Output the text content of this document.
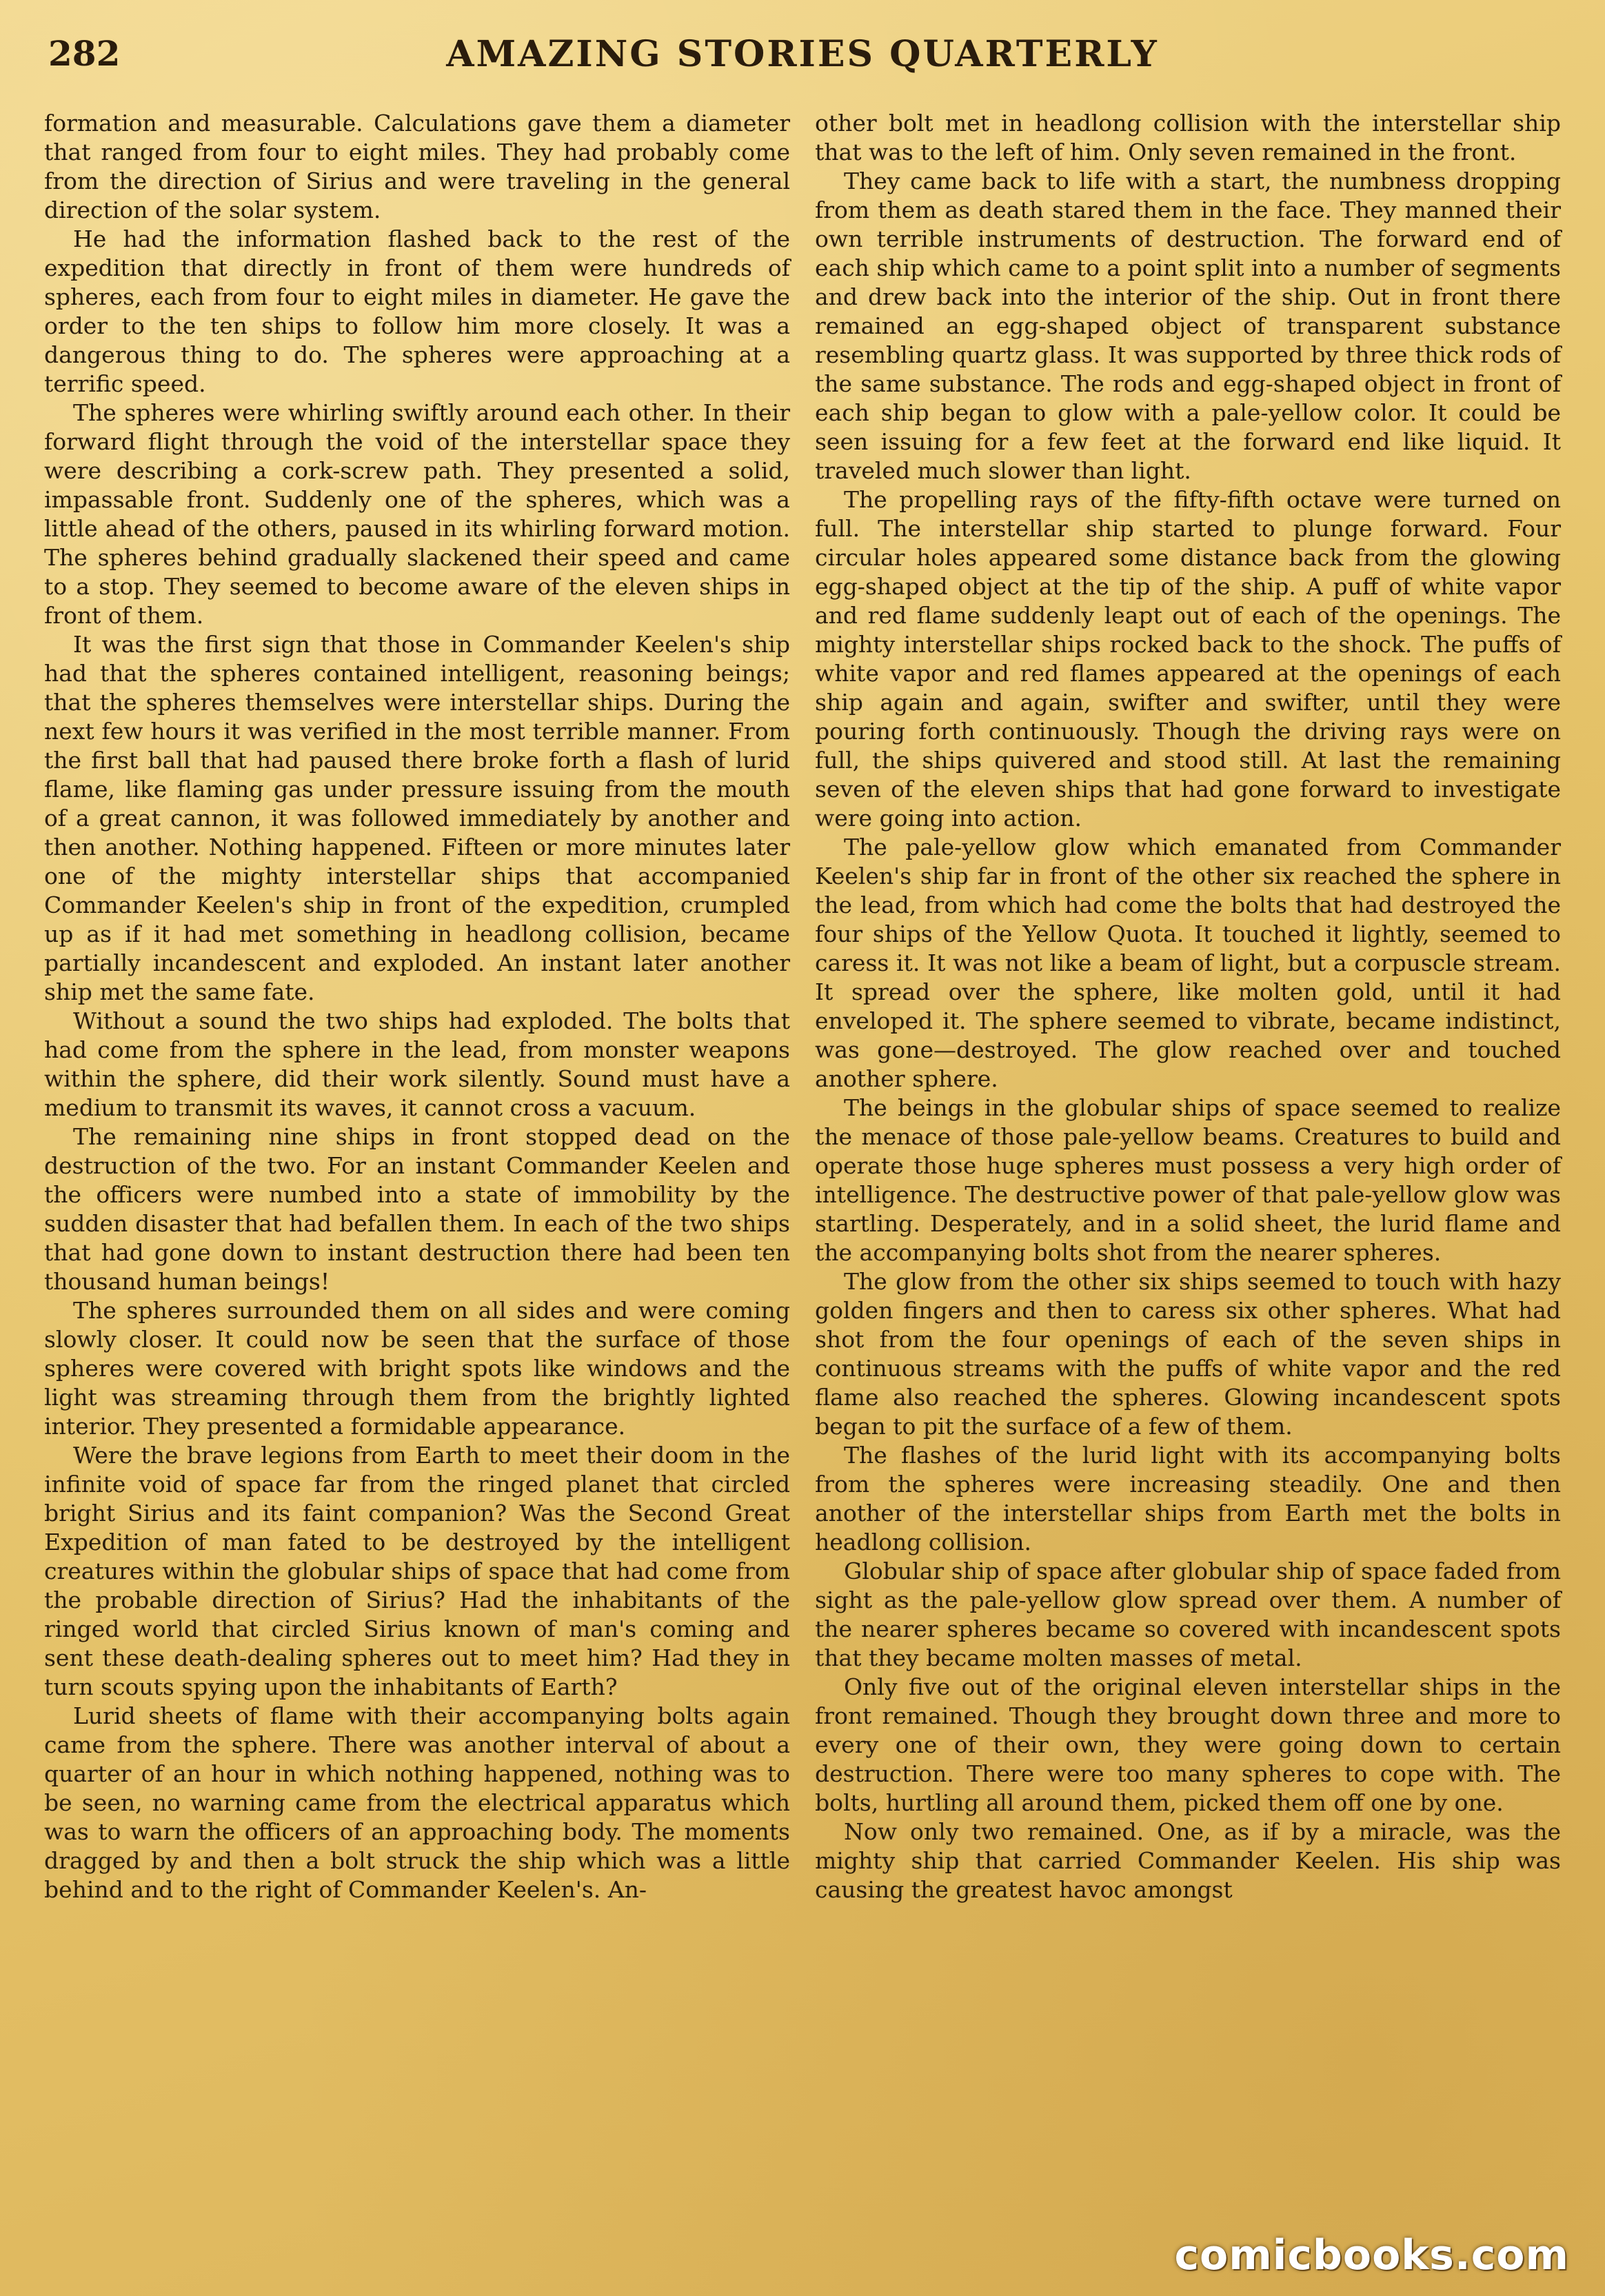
282	AMAZING STORIES QUARTERLY

formation and measurable. Calculations gave them a diameter that ranged from four to eight miles. They had probably come from the direction of Sirius and were traveling in the general direction of the solar system.

He had the information flashed back to the rest of the expedition that directly in front of them were hundreds of spheres, each from four to eight miles in diameter. He gave the order to the ten ships to follow him more closely. It was a dangerous thing to do. The spheres were approaching at a terrific speed.

The spheres were whirling swiftly around each other. In their forward flight through the void of the interstellar space they were describing a cork-screw path. They presented a solid, impassable front. Suddenly one of the spheres, which was a little ahead of the others, paused in its whirling forward motion. The spheres behind gradually slackened their speed and came to a stop. They seemed to become aware of the eleven ships in front of them.

It was the first sign that those in Commander Keelen's ship had that the spheres contained intelligent, reasoning beings; that the spheres themselves were interstellar ships. During the next few hours it was verified in the most terrible manner. From the first ball that had paused there broke forth a flash of lurid flame, like flaming gas under pressure issuing from the mouth of a great cannon, it was followed immediately by another and then another. Nothing happened. Fifteen or more minutes later one of the mighty interstellar ships that accompanied Commander Keelen's ship in front of the expedition, crumpled up as if it had met something in headlong collision, became partially incandescent and exploded. An instant later another ship met the same fate.

Without a sound the two ships had exploded. The bolts that had come from the sphere in the lead, from monster weapons within the sphere, did their work silently. Sound must have a medium to transmit its waves, it cannot cross a vacuum.

The remaining nine ships in front stopped dead on the destruction of the two. For an instant Commander Keelen and the officers were numbed into a state of immobility by the sudden disaster that had befallen them. In each of the two ships that had gone down to instant destruction there had been ten thousand human beings!

The spheres surrounded them on all sides and were coming slowly closer. It could now be seen that the surface of those spheres were covered with bright spots like windows and the light was streaming through them from the brightly lighted interior. They presented a formidable appearance.

Were the brave legions from Earth to meet their doom in the infinite void of space far from the ringed planet that circled bright Sirius and its faint companion? Was the Second Great Expedition of man fated to be destroyed by the intelligent creatures within the globular ships of space that had come from the probable direction of Sirius? Had the inhabitants of the ringed world that circled Sirius known of man's coming and sent these death-dealing spheres out to meet him? Had they in turn scouts spying upon the inhabitants of Earth?

Lurid sheets of flame with their accompanying bolts again came from the sphere. There was another interval of about a quarter of an hour in which nothing happened, nothing was to be seen, no warning came from the electrical apparatus which was to warn the officers of an approaching body. The moments dragged by and then a bolt struck the ship which was a little behind and to the right of Commander Keelen's. An-

other bolt met in headlong collision with the interstellar ship that was to the left of him. Only seven remained in the front.

They came back to life with a start, the numbness dropping from them as death stared them in the face. They manned their own terrible instruments of destruction. The forward end of each ship which came to a point split into a number of segments and drew back into the interior of the ship. Out in front there remained an egg-shaped object of transparent substance resembling quartz glass. It was supported by three thick rods of the same substance. The rods and egg-shaped object in front of each ship began to glow with a pale-yellow color. It could be seen issuing for a few feet at the forward end like liquid. It traveled much slower than light.

The propelling rays of the fifty-fifth octave were turned on full. The interstellar ship started to plunge forward. Four circular holes appeared some distance back from the glowing egg-shaped object at the tip of the ship. A puff of white vapor and red flame suddenly leapt out of each of the openings. The mighty interstellar ships rocked back to the shock. The puffs of white vapor and red flames appeared at the openings of each ship again and again, swifter and swifter, until they were pouring forth continuously. Though the driving rays were on full, the ships quivered and stood still. At last the remaining seven of the eleven ships that had gone forward to investigate were going into action.

The pale-yellow glow which emanated from Commander Keelen's ship far in front of the other six reached the sphere in the lead, from which had come the bolts that had destroyed the four ships of the Yellow Quota. It touched it lightly, seemed to caress it. It was not like a beam of light, but a corpuscle stream. It spread over the sphere, like molten gold, until it had enveloped it. The sphere seemed to vibrate, became indistinct, was gone—destroyed. The glow reached over and touched another sphere.

The beings in the globular ships of space seemed to realize the menace of those pale-yellow beams. Creatures to build and operate those huge spheres must possess a very high order of intelligence. The destructive power of that pale-yellow glow was startling. Desperately, and in a solid sheet, the lurid flame and the accompanying bolts shot from the nearer spheres.

The glow from the other six ships seemed to touch with hazy golden fingers and then to caress six other spheres. What had shot from the four openings of each of the seven ships in continuous streams with the puffs of white vapor and the red flame also reached the spheres. Glowing incandescent spots began to pit the surface of a few of them.

The flashes of the lurid light with its accompanying bolts from the spheres were increasing steadily. One and then another of the interstellar ships from Earth met the bolts in headlong collision.

Globular ship of space after globular ship of space faded from sight as the pale-yellow glow spread over them. A number of the nearer spheres became so covered with incandescent spots that they became molten masses of metal.

Only five out of the original eleven interstellar ships in the front remained. Though they brought down three and more to every one of their own, they were going down to certain destruction. There were too many spheres to cope with. The bolts, hurtling all around them, picked them off one by one.

Now only two remained. One, as if by a miracle, was the mighty ship that carried Commander Keelen. His ship was causing the greatest havoc amongst

comicbooks.com
